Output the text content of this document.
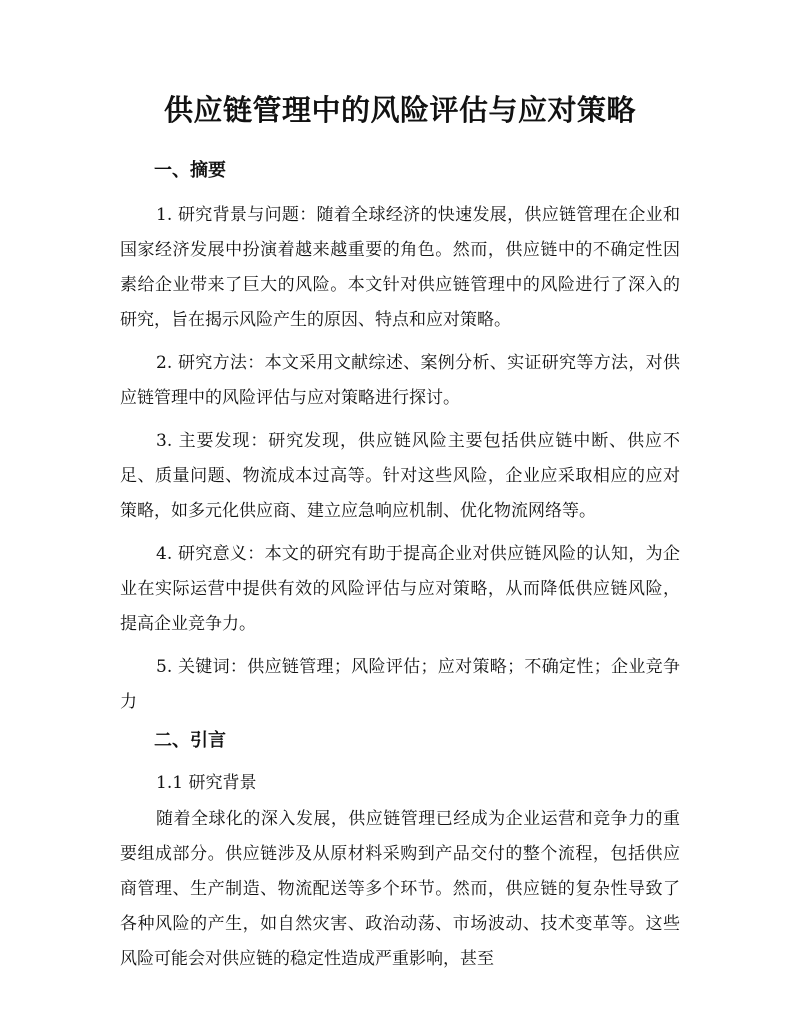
供应链管理中的风险评估与应对策略
一、摘要

1. 研究背景与问题：随着全球经济的快速发展，供应链管理在企业和国家经济发展中扮演着越来越重要的角色。然而，供应链中的不确定性因素给企业带来了巨大的风险。本文针对供应链管理中的风险进行了深入的研究，旨在揭示风险产生的原因、特点和应对策略。

2. 研究方法：本文采用文献综述、案例分析、实证研究等方法，对供应链管理中的风险评估与应对策略进行探讨。

3. 主要发现：研究发现，供应链风险主要包括供应链中断、供应不足、质量问题、物流成本过高等。针对这些风险，企业应采取相应的应对策略，如多元化供应商、建立应急响应机制、优化物流网络等。

4. 研究意义：本文的研究有助于提高企业对供应链风险的认知，为企业在实际运营中提供有效的风险评估与应对策略，从而降低供应链风险，提高企业竞争力。

5. 关键词：供应链管理；风险评估；应对策略；不确定性；企业竞争力

二、引言
1.1 研究背景

随着全球化的深入发展，供应链管理已经成为企业运营和竞争力的重要组成部分。供应链涉及从原材料采购到产品交付的整个流程，包括供应商管理、生产制造、物流配送等多个环节。然而，供应链的复杂性导致了各种风险的产生，如自然灾害、政治动荡、市场波动、技术变革等。这些风险可能会对供应链的稳定性造成严重影响，甚至
